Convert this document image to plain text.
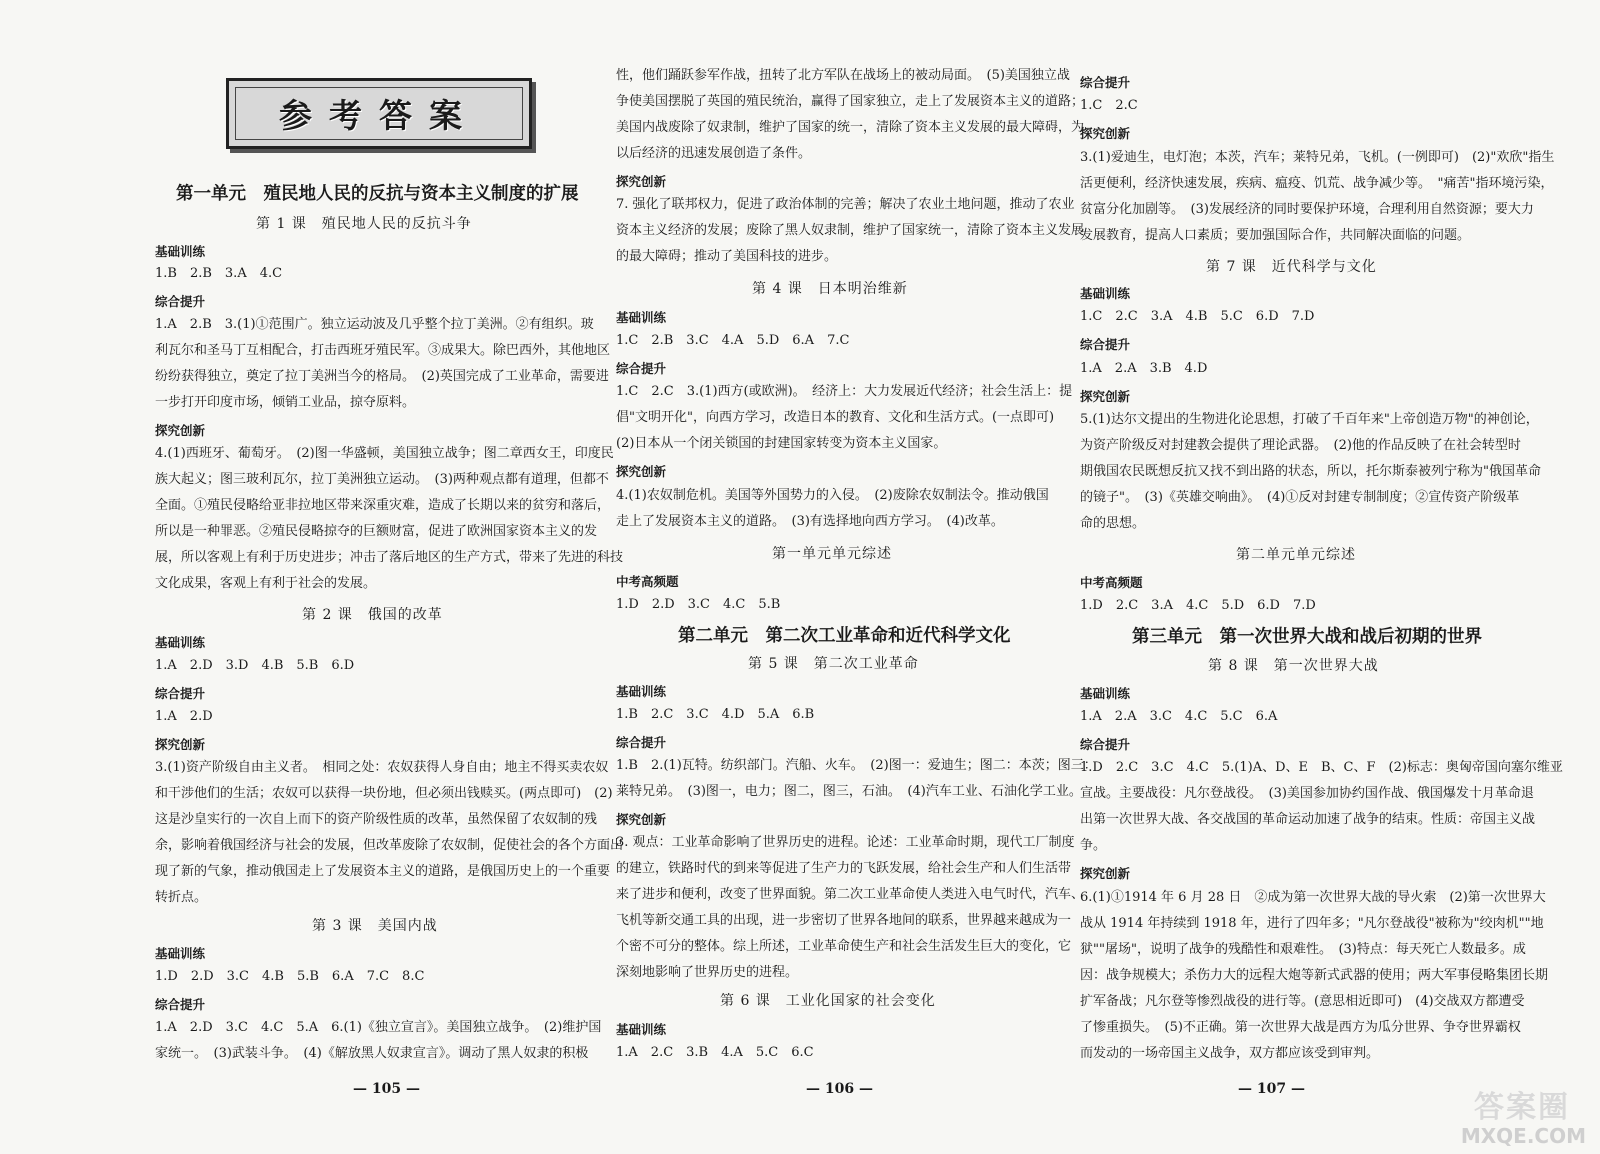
参考答案
第一单元　殖民地人民的反抗与资本主义制度的扩展
第 1 课　殖民地人民的反抗斗争
基础训练
1.B　2.B　3.A　4.C
综合提升
1.A　2.B　3.(1)①范围广。独立运动波及几乎整个拉丁美洲。②有组织。玻
利瓦尔和圣马丁互相配合，打击西班牙殖民军。③成果大。除巴西外，其他地区
纷纷获得独立，奠定了拉丁美洲当今的格局。　(2)英国完成了工业革命，需要进
一步打开印度市场，倾销工业品，掠夺原料。
探究创新
4.(1)西班牙、葡萄牙。　(2)图一华盛顿，美国独立战争；图二章西女王，印度民
族大起义；图三玻利瓦尔，拉丁美洲独立运动。　(3)两种观点都有道理，但都不
全面。①殖民侵略给亚非拉地区带来深重灾难，造成了长期以来的贫穷和落后，
所以是一种罪恶。②殖民侵略掠夺的巨额财富，促进了欧洲国家资本主义的发
展，所以客观上有利于历史进步；冲击了落后地区的生产方式，带来了先进的科技
文化成果，客观上有利于社会的发展。
第 2 课　俄国的改革
基础训练
1.A　2.D　3.D　4.B　5.B　6.D
综合提升
1.A　2.D
探究创新
3.(1)资产阶级自由主义者。　相同之处：农奴获得人身自由；地主不得买卖农奴
和干涉他们的生活；农奴可以获得一块份地，但必须出钱赎买。(两点即可)　(2)
这是沙皇实行的一次自上而下的资产阶级性质的改革，虽然保留了农奴制的残
余，影响着俄国经济与社会的发展，但改革废除了农奴制，促使社会的各个方面出
现了新的气象，推动俄国走上了发展资本主义的道路，是俄国历史上的一个重要
转折点。
第 3 课　美国内战
基础训练
1.D　2.D　3.C　4.B　5.B　6.A　7.C　8.C
综合提升
1.A　2.D　3.C　4.C　5.A　6.(1)《独立宣言》。美国独立战争。　(2)维护国
家统一。　(3)武装斗争。　(4)《解放黑人奴隶宣言》。调动了黑人奴隶的积极
— 105 —
性，他们踊跃参军作战，扭转了北方军队在战场上的被动局面。　(5)美国独立战
争使美国摆脱了英国的殖民统治，赢得了国家独立，走上了发展资本主义的道路；
美国内战废除了奴隶制，维护了国家的统一，清除了资本主义发展的最大障碍，为
以后经济的迅速发展创造了条件。
探究创新
7. 强化了联邦权力，促进了政治体制的完善；解决了农业土地问题，推动了农业
资本主义经济的发展；废除了黑人奴隶制，维护了国家统一，清除了资本主义发展
的最大障碍；推动了美国科技的进步。
第 4 课　日本明治维新
基础训练
1.C　2.B　3.C　4.A　5.D　6.A　7.C
综合提升
1.C　2.C　3.(1)西方(或欧洲)。　经济上：大力发展近代经济；社会生活上：提
倡"文明开化"，向西方学习，改造日本的教育、文化和生活方式。(一点即可)
(2)日本从一个闭关锁国的封建国家转变为资本主义国家。
探究创新
4.(1)农奴制危机。美国等外国势力的入侵。　(2)废除农奴制法令。推动俄国
走上了发展资本主义的道路。　(3)有选择地向西方学习。　(4)改革。
第一单元单元综述
中考高频题
1.D　2.D　3.C　4.C　5.B
第二单元　第二次工业革命和近代科学文化
第 5 课　第二次工业革命
基础训练
1.B　2.C　3.C　4.D　5.A　6.B
综合提升
1.B　2.(1)瓦特。纺织部门。汽船、火车。　(2)图一：爱迪生；图二：本茨；图三：
莱特兄弟。　(3)图一，电力；图二，图三，石油。　(4)汽车工业、石油化学工业。
探究创新
3. 观点：工业革命影响了世界历史的进程。论述：工业革命时期，现代工厂制度
的建立，铁路时代的到来等促进了生产力的飞跃发展，给社会生产和人们生活带
来了进步和便利，改变了世界面貌。第二次工业革命使人类进入电气时代，汽车、
飞机等新交通工具的出现，进一步密切了世界各地间的联系，世界越来越成为一
个密不可分的整体。综上所述，工业革命使生产和社会生活发生巨大的变化，它
深刻地影响了世界历史的进程。
第 6 课　工业化国家的社会变化
基础训练
1.A　2.C　3.B　4.A　5.C　6.C
— 106 —
综合提升
1.C　2.C
探究创新
3.(1)爱迪生，电灯泡；本茨，汽车；莱特兄弟，飞机。(一例即可)　(2)"欢欣"指生
活更便利，经济快速发展，疾病、瘟疫、饥荒、战争减少等。　"痛苦"指环境污染，
贫富分化加剧等。　(3)发展经济的同时要保护环境，合理利用自然资源；要大力
发展教育，提高人口素质；要加强国际合作，共同解决面临的问题。
第 7 课　近代科学与文化
基础训练
1.C　2.C　3.A　4.B　5.C　6.D　7.D
综合提升
1.A　2.A　3.B　4.D
探究创新
5.(1)达尔文提出的生物进化论思想，打破了千百年来"上帝创造万物"的神创论，
为资产阶级反对封建教会提供了理论武器。　(2)他的作品反映了在社会转型时
期俄国农民既想反抗又找不到出路的状态，所以，托尔斯泰被列宁称为"俄国革命
的镜子"。　(3)《英雄交响曲》。　(4)①反对封建专制制度；②宣传资产阶级革
命的思想。
第二单元单元综述
中考高频题
1.D　2.C　3.A　4.C　5.D　6.D　7.D
第三单元　第一次世界大战和战后初期的世界
第 8 课　第一次世界大战
基础训练
1.A　2.A　3.C　4.C　5.C　6.A
综合提升
1.D　2.C　3.C　4.C　5.(1)A、D、E　B、C、F　(2)标志：奥匈帝国向塞尔维亚
宣战。主要战役：凡尔登战役。　(3)美国参加协约国作战、俄国爆发十月革命退
出第一次世界大战、各交战国的革命运动加速了战争的结束。性质：帝国主义战
争。
探究创新
6.(1)①1914 年 6 月 28 日　②成为第一次世界大战的导火索　(2)第一次世界大
战从 1914 年持续到 1918 年，进行了四年多；"凡尔登战役"被称为"绞肉机""地
狱""屠场"，说明了战争的残酷性和艰难性。　(3)特点：每天死亡人数最多。成
因：战争规模大；杀伤力大的远程大炮等新式武器的使用；两大军事侵略集团长期
扩军备战；凡尔登等惨烈战役的进行等。(意思相近即可)　(4)交战双方都遭受
了惨重损失。　(5)不正确。第一次世界大战是西方为瓜分世界、争夺世界霸权
而发动的一场帝国主义战争，双方都应该受到审判。
— 107 —
答案圈
MXQE.COM
